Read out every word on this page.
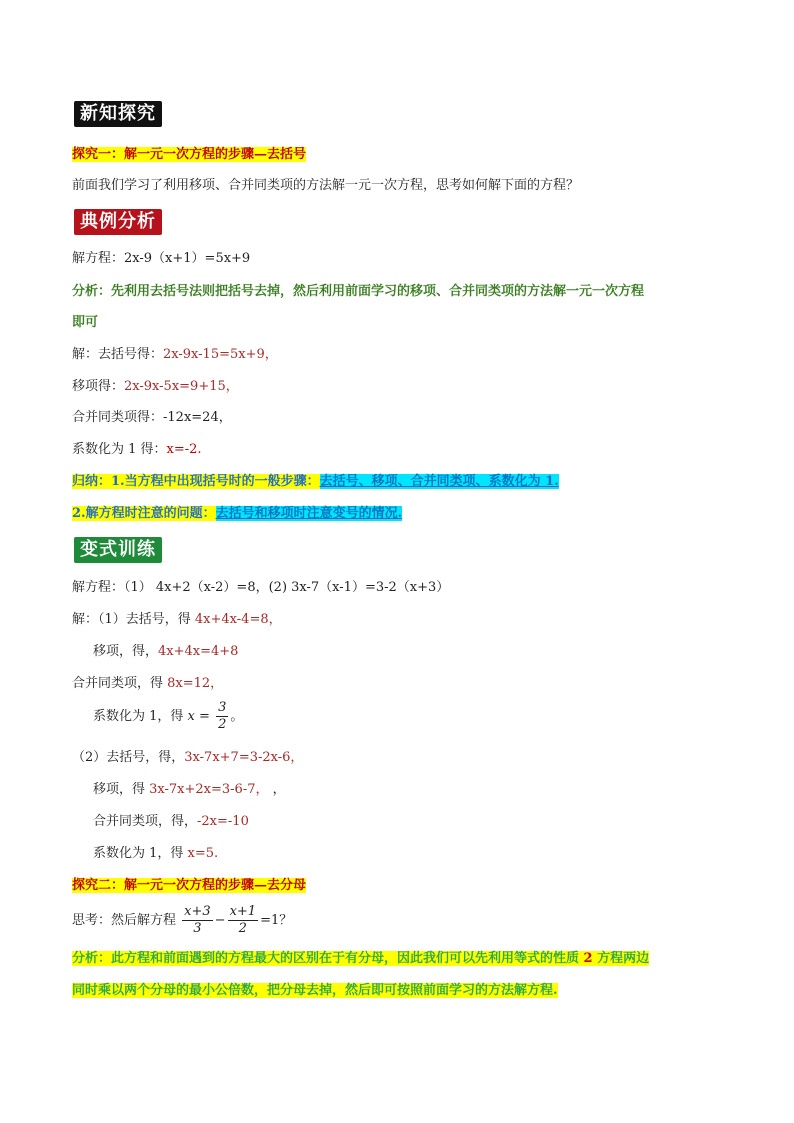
新知探究
探究一：解一元一次方程的步骤—去括号
前面我们学习了利用移项、合并同类项的方法解一元一次方程，思考如何解下面的方程？
典例分析
解方程：2x-9（x+1）=5x+9
分析：先利用去括号法则把括号去掉，然后利用前面学习的移项、合并同类项的方法解一元一次方程
即可
解：去括号得：2x-9x-15=5x+9，
移项得：2x-9x-5x=9+15，
合并同类项得：-12x=24，
系数化为 1 得：x=-2.
归纳：1.当方程中出现括号时的一般步骤：去括号、移项、合并同类项、系数化为 1.
2.解方程时注意的问题：去括号和移项时注意变号的情况.
变式训练
解方程：（1） 4x+2（x-2）=8，(2) 3x-7（x-1）=3-2（x+3）
解：（1）去括号，得 4x+4x-4=8，
移项，得，4x+4x=4+8
合并同类项，得 8x=12，
系数化为 1，得 $x = \frac{3}{2}$ 。
（2）去括号，得，3x-7x+7=3-2x-6，
移项，得 3x-7x+2x=3-6-7， ，
合并同类项，得，-2x=-10
系数化为 1，得 x=5.
探究二：解一元一次方程的步骤—去分母
思考：然后解方程 $\frac{x+3}{3} - \frac{x+1}{2} =1$？
分析：此方程和前面遇到的方程最大的区别在于有分母，因此我们可以先利用等式的性质 2 方程两边
同时乘以两个分母的最小公倍数，把分母去掉，然后即可按照前面学习的方法解方程.
